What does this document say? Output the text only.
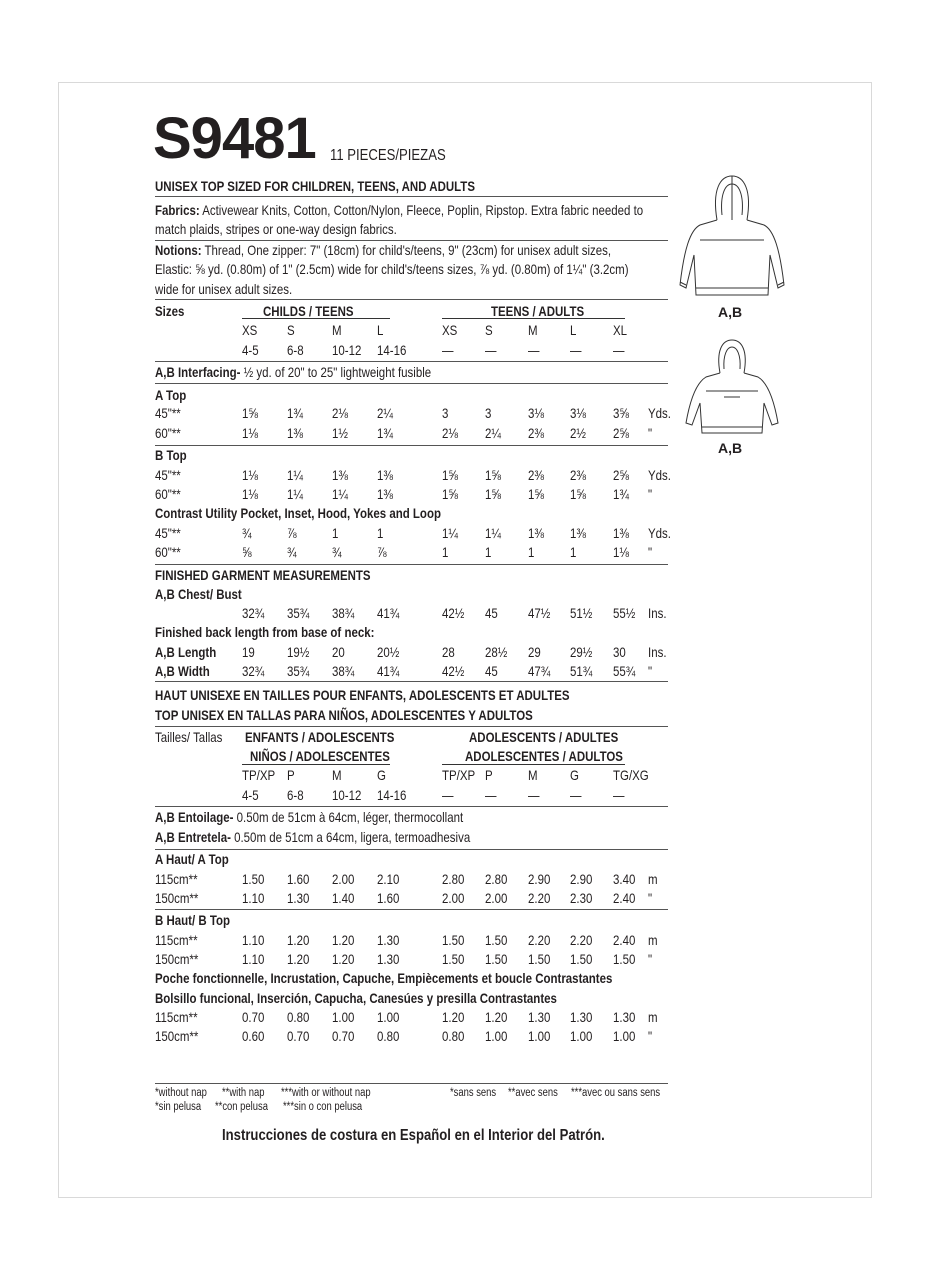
S9481 11 PIECES/PIEZAS
UNISEX TOP SIZED FOR CHILDREN, TEENS, AND ADULTS
Fabrics: Activewear Knits, Cotton, Cotton/Nylon, Fleece, Poplin, Ripstop. Extra fabric needed to
match plaids, stripes or one-way design fabrics.
Notions: Thread, One zipper: 7" (18cm) for child's/teens, 9" (23cm) for unisex adult sizes,
Elastic: ⅝ yd. (0.80m) of 1" (2.5cm) wide for child's/teens sizes, ⅞ yd. (0.80m) of 1¼" (3.2cm)
wide for unisex adult sizes.
Sizes	CHILDS / TEENS	TEENS / ADULTS
Tailles/ Tallas	ENFANTS / ADOLESCENTS
NIÑOS / ADOLESCENTES
ADOLESCENTS / ADULTES
ADOLESCENTES / ADULTOS
XS S	M	L	XS S	M L	XL
4-5 6-8 10-12	14-16	— — — — —
A,B Interfacing- ½ yd. of 20" to 25" lightweight fusible
A Top
45"**	1⅝ 1¾ 2⅛ 2¼	3	3	3⅛ 3⅛ 3⅝ Yds.
60"**	1⅛ 1⅜ 1½ 1¾	2⅛ 2¼ 2⅜ 2½ 2⅝ "
B Top
45"**	1⅛ 1¼ 1⅜ 1⅜	1⅝ 1⅝ 2⅜ 2⅜ 2⅝ Yds.
60"**	1⅛ 1¼ 1¼ 1⅜	1⅝ 1⅝ 1⅝ 1⅝ 1¾ "
Contrast Utility Pocket, Inset, Hood, Yokes and Loop
45"**	¾	⅞	1	1	1¼ 1¼ 1⅜ 1⅜ 1⅜ Yds.
60"**	⅝	¾	¾	⅞	1	1	1	1	1⅛ "
FINISHED GARMENT MEASUREMENTS
A,B Chest/ Bust
32¾	35¾	38¾	41¾	42½	45 47½	51½	55½ Ins.
Finished back length from base of neck:
A,B Length	19 19½	20 20½	28 28½	29 29½	30 Ins.
A,B Width	32¾	35¾	38¾	41¾	42½	45 47¾	51¾	55¾ "
HAUT UNISEXE EN TAILLES POUR ENFANTS, ADOLESCENTS ET ADULTES
TOP UNISEX EN TALLAS PARA NIÑOS, ADOLESCENTES Y ADULTOS
TP/XP P	M	G	TP/XP P	M G TG/XG
4-5 6-8 10-12	14-16	— — — — —
A,B Entoilage- 0.50m de 51cm à 64cm, léger, thermocollant
A,B Entretela- 0.50m de 51cm a 64cm, ligera, termoadhesiva
A Haut/ A Top
115cm**	1.50	1.60	2.00	2.10	2.80	2.80	2.90	2.90	3.40 m
150cm**	1.10	1.30	1.40	1.60	2.00	2.00	2.20	2.30	2.40 "
B Haut/ B Top
115cm**	1.10	1.20	1.20	1.30	1.50	1.50	2.20	2.20	2.40 m
150cm**	1.10	1.20	1.20	1.30	1.50	1.50	1.50	1.50	1.50 "
Poche fonctionnelle, Incrustation, Capuche, Empiècements et boucle Contrastantes
Bolsillo funcional, Inserción, Capucha, Canesúes y presilla Contrastantes
115cm**	0.70	0.80	1.00	1.00	1.20	1.20	1.30	1.30	1.30 m
150cm**	0.60	0.70	0.70	0.80	0.80	1.00	1.00	1.00	1.00 "
A,B
A,B
*without nap	**with nap	***with or without nap	*sans sens	**avec sens	***avec ou sans sens
*sin pelusa	**con pelusa	***sin o con pelusa
Instrucciones de costura en Español en el Interior del Patrón.
